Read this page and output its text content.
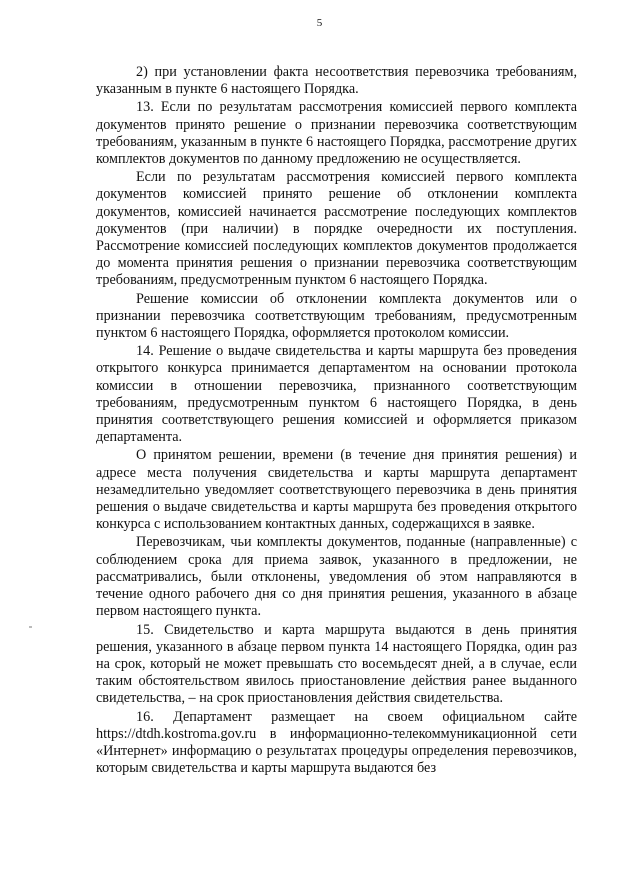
5

2) при установлении факта несоответствия перевозчика требованиям, указанным в пункте 6 настоящего Порядка.

13. Если по результатам рассмотрения комиссией первого комплекта документов принято решение о признании перевозчика соответствующим требованиям, указанным в пункте 6 настоящего Порядка, рассмотрение других комплектов документов по данному предложению не осуществляется.

Если по результатам рассмотрения комиссией первого комплекта документов комиссией принято решение об отклонении комплекта документов, комиссией начинается рассмотрение последующих комплектов документов (при наличии) в порядке очередности их поступления. Рассмотрение комиссией последующих комплектов документов продолжается до момента принятия решения о признании перевозчика соответствующим требованиям, предусмотренным пунктом 6 настоящего Порядка.

Решение комиссии об отклонении комплекта документов или о признании перевозчика соответствующим требованиям, предусмотренным пунктом 6 настоящего Порядка, оформляется протоколом комиссии.

14. Решение о выдаче свидетельства и карты маршрута без проведения открытого конкурса принимается департаментом на основании протокола комиссии в отношении перевозчика, признанного соответствующим требованиям, предусмотренным пунктом 6 настоящего Порядка, в день принятия соответствующего решения комиссией и оформляется приказом департамента.

О принятом решении, времени (в течение дня принятия решения) и адресе места получения свидетельства и карты маршрута департамент незамедлительно уведомляет соответствующего перевозчика в день принятия решения о выдаче свидетельства и карты маршрута без проведения открытого конкурса с использованием контактных данных, содержащихся в заявке.

Перевозчикам, чьи комплекты документов, поданные (направленные) с соблюдением срока для приема заявок, указанного в предложении, не рассматривались, были отклонены, уведомления об этом направляются в течение одного рабочего дня со дня принятия решения, указанного в абзаце первом настоящего пункта.

15. Свидетельство и карта маршрута выдаются в день принятия решения, указанного в абзаце первом пункта 14 настоящего Порядка, один раз на срок, который не может превышать сто восемьдесят дней, а в случае, если таким обстоятельством явилось приостановление действия ранее выданного свидетельства, – на срок приостановления действия свидетельства.

16. Департамент размещает на своем официальном сайте https://dtdh.kostroma.gov.ru в информационно-телекоммуникационной сети «Интернет» информацию о результатах процедуры определения перевозчиков, которым свидетельства и карты маршрута выдаются без
